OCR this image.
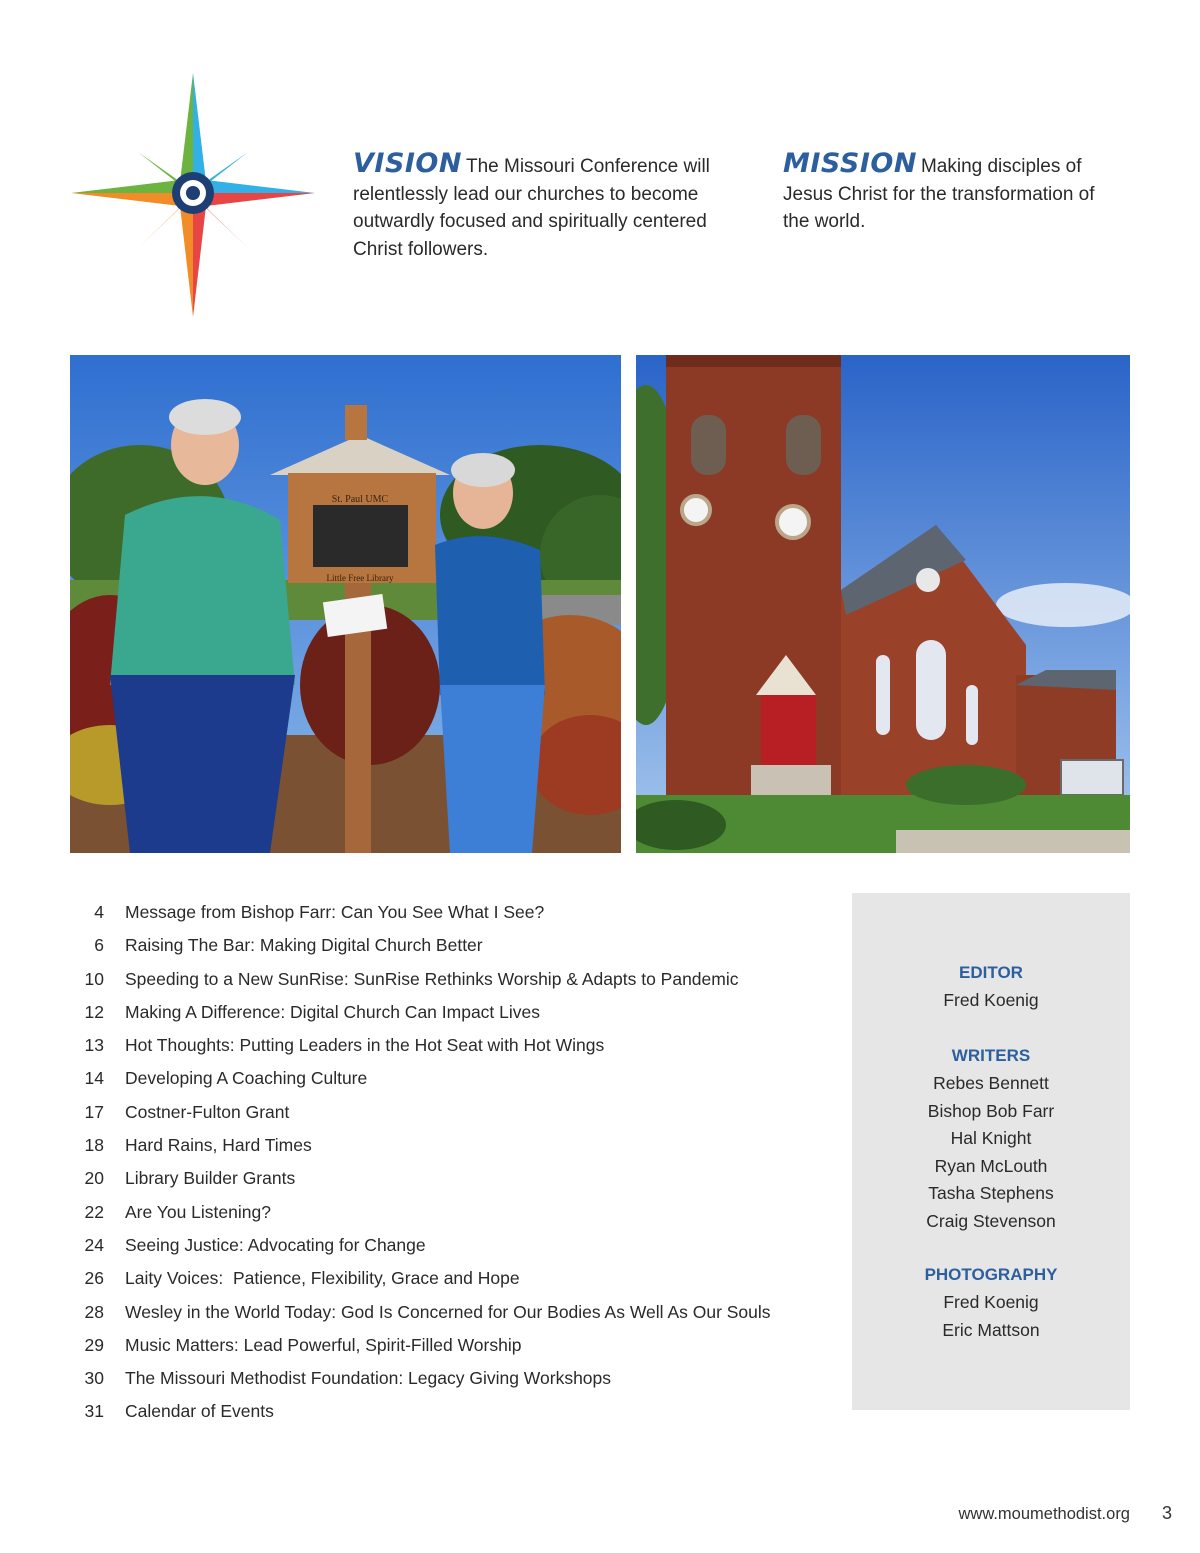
VISION The Missouri Conference will relentlessly lead our churches to become outwardly focused and spiritually centered Christ followers.
MISSION Making disciples of Jesus Christ for the transformation of the world.
St. Paul UMC
Little Free Library
4 Message from Bishop Farr: Can You See What I See?
6 Raising The Bar: Making Digital Church Better
10 Speeding to a New SunRise: SunRise Rethinks Worship & Adapts to Pandemic
12 Making A Difference: Digital Church Can Impact Lives
13 Hot Thoughts: Putting Leaders in the Hot Seat with Hot Wings
14 Developing A Coaching Culture
17 Costner-Fulton Grant
18 Hard Rains, Hard Times
20 Library Builder Grants
22 Are You Listening?
24 Seeing Justice: Advocating for Change
26 Laity Voices:  Patience, Flexibility, Grace and Hope
28 Wesley in the World Today: God Is Concerned for Our Bodies As Well As Our Souls
29 Music Matters: Lead Powerful, Spirit-Filled Worship
30 The Missouri Methodist Foundation: Legacy Giving Workshops
31 Calendar of Events
EDITOR
Fred Koenig
WRITERS
Rebes Bennett
Bishop Bob Farr
Hal Knight
Ryan McLouth
Tasha Stephens
Craig Stevenson
PHOTOGRAPHY
Fred Koenig
Eric Mattson
www.moumethodist.org 3
